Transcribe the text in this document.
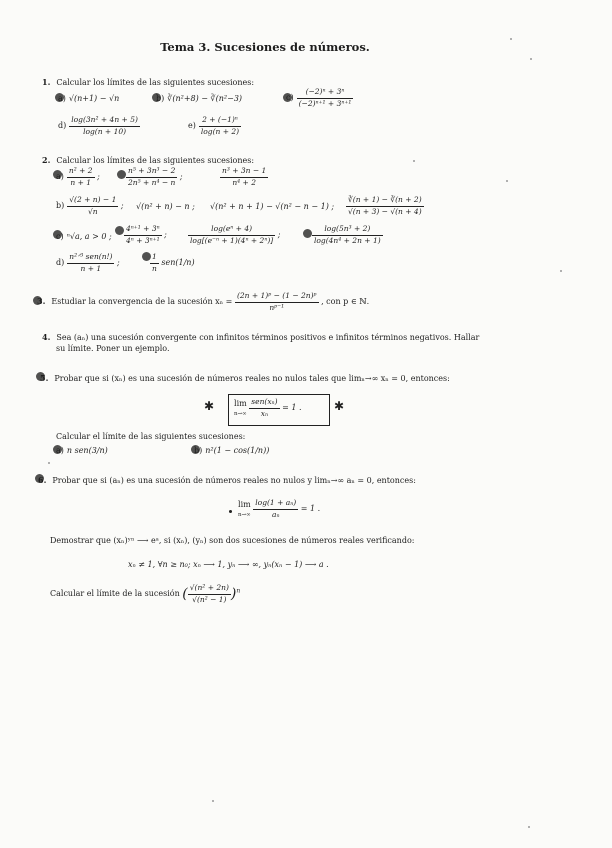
Tema 3. Sucesiones de números.
1. Calcular los límites de las siguientes sucesiones:
a) √(n+1) − √n	b) ∛(n²+8) − ∛(n²−3)	$c) \frac{\text{(−2)ⁿ + 3ⁿ}}{\text{(−2)ⁿ⁺¹ + 3ⁿ⁺¹}}$
$d) \frac{\text{log(3n² + 4n + 5)}}{\log(n + 10)}$	$e) \frac{\text{2 + (−1)ⁿ}}{\log(n + 2)}$
2. Calcular los límites de las siguientes sucesiones:
$a) \frac{\text{n² + 2}}{n + 1}$ ;	$\frac{\text{n⁵ + 3n³ − 2}}{\text{2n⁵ + n⁴ − n}}$ ;	$\frac{\text{n³ + 3n − 1}}{\text{n⁴ + 2}}$
$b) \frac{√(2 + n) - 1}{√n}$ ; √(n² + n) − n ; √(n² + n + 1) − √(n² − n − 1) ; $\frac{∛(n + 1) - ∛(n + 2)}{√(n + 3) - √(n + 4)}$
c) ⁿ√a, a > 0 ; $\frac{\text{4ⁿ⁺¹ + 3ⁿ}}{\text{4ⁿ + 3ⁿ⁺¹}}$ ;	$\frac{\text{log(eⁿ + 4)}}{\text{log[(e⁻ⁿ + 1)(4ⁿ + 2ⁿ)]}}$ ;	$\frac{\text{log(5n³ + 2)}}{\text{log(4n⁴ + 2n + 1)}}$
$d) \frac{\text{n²ᐟ³ sen(n!)}}{n + 1}$ ;	$\frac{1}{n} sen(1/n)$
3. Estudiar la convergencia de la sucesión $x_n = \frac{\text{(2n + 1)ᵖ − (1 − 2n)ᵖ}}{\text{nᵖ⁻¹}}$ , con p ∈ ℕ.
4. Sea (aₙ) una sucesión convergente con infinitos términos positivos e infinitos términos negativos. Hallar
su límite. Poner un ejemplo.
5. Probar que si (xₙ) es una sucesión de números reales no nulos tales que limₙ→∞ xₙ = 0, entonces:
✱ lim
$n\to\infty \frac{\text{sen(xₙ)}}{\text{xₙ}} = 1$ .	✱
Calcular el límite de las siguientes sucesiones:
a) n sen(3/n)	b) n²(1 − cos(1/n))
6. Probar que si (aₙ) es una sucesión de números reales no nulos y limₙ→∞ aₙ = 0, entonces:
lim
$n\to\infty \frac{\text{log(1 + aₙ)}}{\text{aₙ}} = 1$ .
Demostrar que (xₙ)ʸⁿ ⟶ eᵃ, si (xₙ), (yₙ) son dos sucesiones de números reales verificando:
xₙ ≠ 1, ∀n ≥ n₀; xₙ ⟶ 1, yₙ ⟶ ∞, yₙ(xₙ − 1) ⟶ a .
Calcular el límite de la sucesión ( $\frac{\text{√(n² + 2n)}}{\text{√(n² − 1)}} )^n$
